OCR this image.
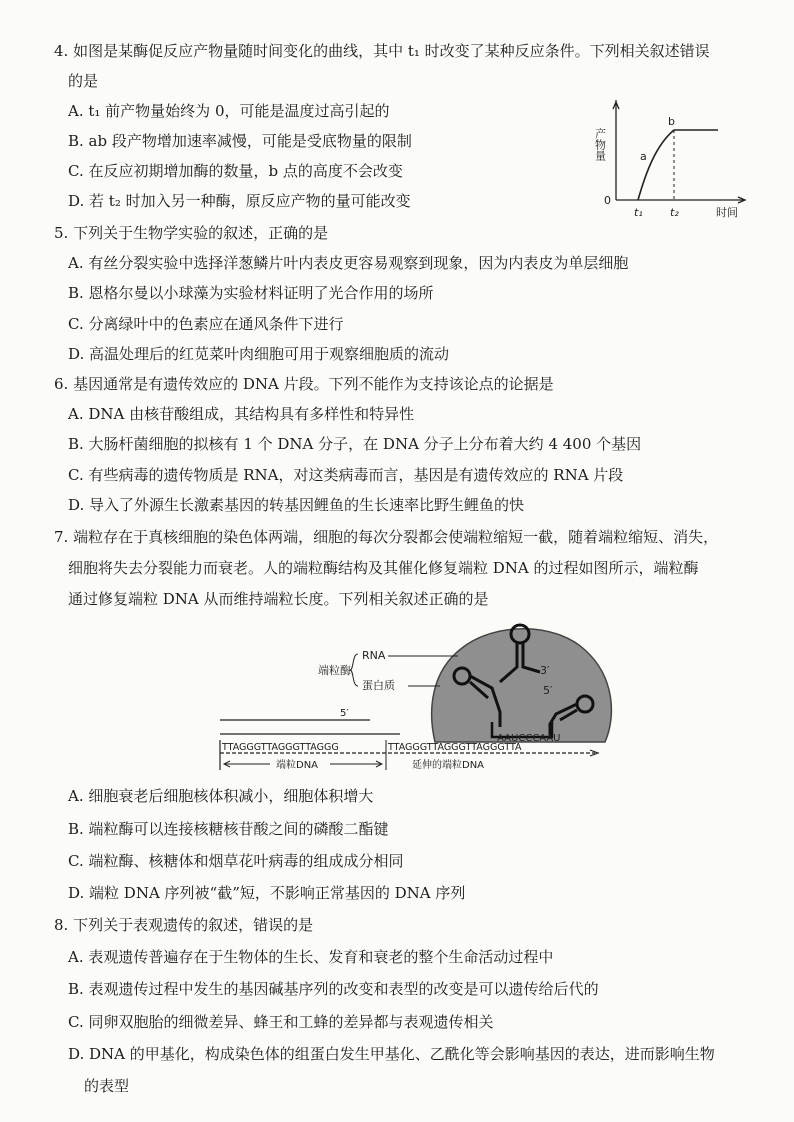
4. 如图是某酶促反应产物量随时间变化的曲线，其中 t₁ 时改变了某种反应条件。下列相关叙述错误
的是
A. t₁ 前产物量始终为 0，可能是温度过高引起的
B. ab 段产物增加速率减慢，可能是受底物量的限制
C. 在反应初期增加酶的数量，b 点的高度不会改变
D. 若 t₂ 时加入另一种酶，原反应产物的量可能改变
产物量
0
t₁ t₂	时间
a
b
5. 下列关于生物学实验的叙述，正确的是
A. 有丝分裂实验中选择洋葱鳞片叶内表皮更容易观察到现象，因为内表皮为单层细胞
B. 恩格尔曼以小球藻为实验材料证明了光合作用的场所
C. 分离绿叶中的色素应在通风条件下进行
D. 高温处理后的红苋菜叶肉细胞可用于观察细胞质的流动
6. 基因通常是有遗传效应的 DNA 片段。下列不能作为支持该论点的论据是
A. DNA 由核苷酸组成，其结构具有多样性和特异性
B. 大肠杆菌细胞的拟核有 1 个 DNA 分子，在 DNA 分子上分布着大约 4 400 个基因
C. 有些病毒的遗传物质是 RNA，对这类病毒而言，基因是有遗传效应的 RNA 片段
D. 导入了外源生长激素基因的转基因鲤鱼的生长速率比野生鲤鱼的快
7. 端粒存在于真核细胞的染色体两端，细胞的每次分裂都会使端粒缩短一截，随着端粒缩短、消失，
细胞将失去分裂能力而衰老。人的端粒酶结构及其催化修复端粒 DNA 的过程如图所示，端粒酶
通过修复端粒 DNA 从而维持端粒长度。下列相关叙述正确的是
3′
5′
端粒酶
RNA
蛋白质
AAUCCCAAU
5′
TTAGGGTTAGGGTTAGGG	TTAGGGTTAGGGTTAGGGTTA
端粒DNA	延伸的端粒DNA
A. 细胞衰老后细胞核体积减小，细胞体积增大
B. 端粒酶可以连接核糖核苷酸之间的磷酸二酯键
C. 端粒酶、核糖体和烟草花叶病毒的组成成分相同
D. 端粒 DNA 序列被“截”短，不影响正常基因的 DNA 序列
8. 下列关于表观遗传的叙述，错误的是
A. 表观遗传普遍存在于生物体的生长、发育和衰老的整个生命活动过程中
B. 表观遗传过程中发生的基因碱基序列的改变和表型的改变是可以遗传给后代的
C. 同卵双胞胎的细微差异、蜂王和工蜂的差异都与表观遗传相关
D. DNA 的甲基化，构成染色体的组蛋白发生甲基化、乙酰化等会影响基因的表达，进而影响生物
的表型
